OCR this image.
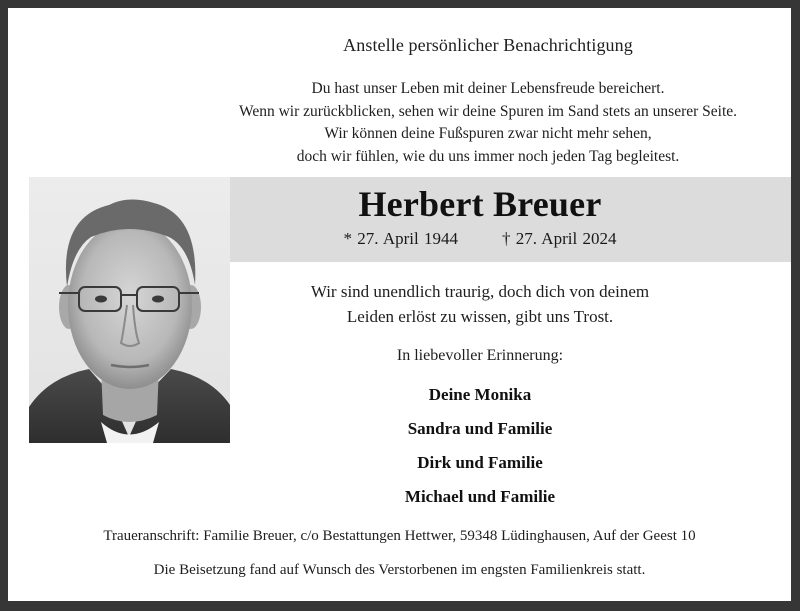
Anstelle persönlicher Benachrichtigung
Du hast unser Leben mit deiner Lebensfreude bereichert.
Wenn wir zurückblicken, sehen wir deine Spuren im Sand stets an unserer Seite.
Wir können deine Fußspuren zwar nicht mehr sehen,
doch wir fühlen, wie du uns immer noch jeden Tag begleitest.
Herbert Breuer
* 27. April 1944	† 27. April 2024
Wir sind unendlich traurig, doch dich von deinem
Leiden erlöst zu wissen, gibt uns Trost.
In liebevoller Erinnerung:
Deine Monika
Sandra und Familie
Dirk und Familie
Michael und Familie
Traueranschrift: Familie Breuer, c/o Bestattungen Hettwer, 59348 Lüdinghausen, Auf der Geest 10
Die Beisetzung fand auf Wunsch des Verstorbenen im engsten Familienkreis statt.
